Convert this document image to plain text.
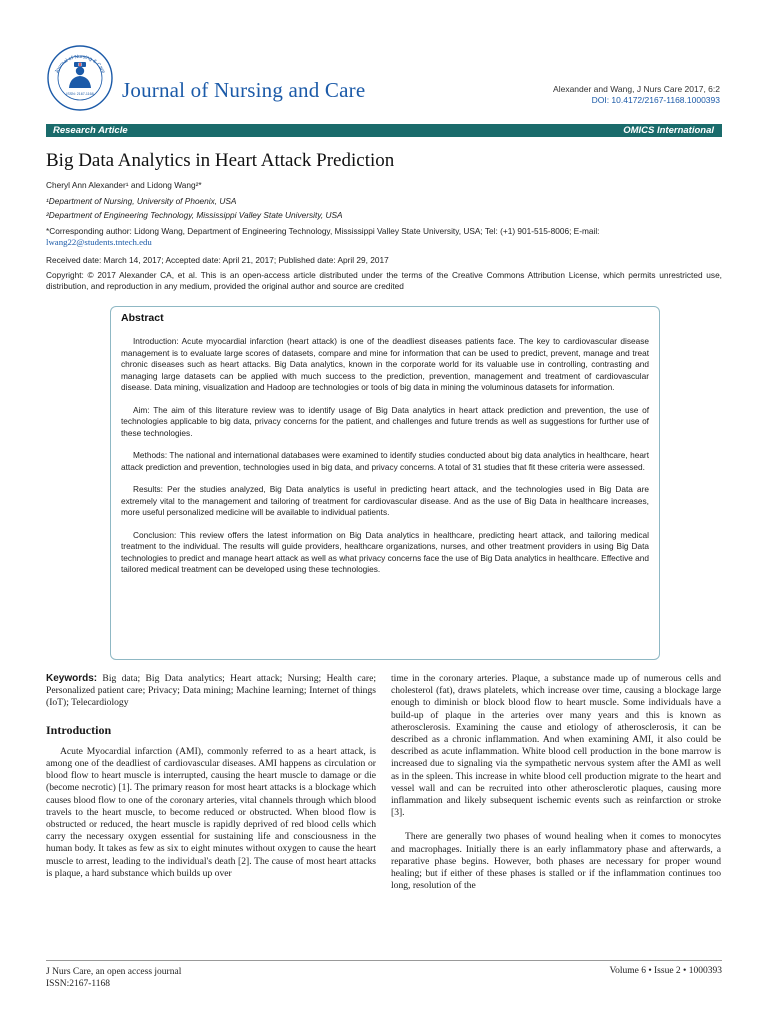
Journal of Nursing & Care
ISSN: 2167-1168 Journal of Nursing and Care	Alexander and Wang, J Nurs Care 2017, 6:2
DOI: 10.4172/2167-1168.1000393
Research Article	OMICS International
Big Data Analytics in Heart Attack Prediction
Cheryl Ann Alexander¹ and Lidong Wang²*
¹Department of Nursing, University of Phoenix, USA
²Department of Engineering Technology, Mississippi Valley State University, USA
*Corresponding author: Lidong Wang, Department of Engineering Technology, Mississippi Valley State University, USA; Tel: (+1) 901-515-8006; E-mail:
lwang22@students.tntech.edu
Received date: March 14, 2017; Accepted date: April 21, 2017; Published date: April 29, 2017
Copyright: © 2017 Alexander CA, et al. This is an open-access article distributed under the terms of the Creative Commons Attribution License, which permits unrestricted use, distribution, and reproduction in any medium, provided the original author and source are credited
Abstract

Introduction: Acute myocardial infarction (heart attack) is one of the deadliest diseases patients face. The key to cardiovascular disease management is to evaluate large scores of datasets, compare and mine for information that can be used to predict, prevent, manage and treat chronic diseases such as heart attacks. Big Data analytics, known in the corporate world for its valuable use in controlling, contrasting and managing large datasets can be applied with much success to the prediction, prevention, management and treatment of cardiovascular disease. Data mining, visualization and Hadoop are technologies or tools of big data in mining the voluminous datasets for information.

Aim: The aim of this literature review was to identify usage of Big Data analytics in heart attack prediction and prevention, the use of technologies applicable to big data, privacy concerns for the patient, and challenges and future trends as well as suggestions for further use of these technologies.

Methods: The national and international databases were examined to identify studies conducted about big data analytics in healthcare, heart attack prediction and prevention, technologies used in big data, and privacy concerns. A total of 31 studies that fit these criteria were assessed.

Results: Per the studies analyzed, Big Data analytics is useful in predicting heart attack, and the technologies used in Big Data are extremely vital to the management and tailoring of treatment for cardiovascular disease. And as the use of Big Data in healthcare increases, more useful personalized medicine will be available to individual patients.

Conclusion: This review offers the latest information on Big Data analytics in healthcare, predicting heart attack, and tailoring medical treatment to the individual. The results will guide providers, healthcare organizations, nurses, and other treatment providers in using Big Data technologies to predict and manage heart attack as well as what privacy concerns face the use of Big Data analytics in healthcare. Effective and tailored medical treatment can be developed using these technologies.

Keywords: Big data; Big Data analytics; Heart attack; Nursing; Health care; Personalized patient care; Privacy; Data mining; Machine learning; Internet of things (IoT); Telecardiology

Introduction

Acute Myocardial infarction (AMI), commonly referred to as a heart attack, is among one of the deadliest of cardiovascular diseases. AMI happens as circulation or blood flow to heart muscle is interrupted, causing the heart muscle to damage or die (become necrotic) [1]. The primary reason for most heart attacks is a blockage which causes blood flow to one of the coronary arteries, vital channels through which blood travels to the heart muscle, to become reduced or obstructed. When blood flow is obstructed or reduced, the heart muscle is rapidly deprived of red blood cells which carry the necessary oxygen essential for sustaining life and consciousness in the human body. It takes as few as six to eight minutes without oxygen to cause the heart muscle to arrest, leading to the individual's death [2]. The cause of most heart attacks is plaque, a hard substance which builds up over

time in the coronary arteries. Plaque, a substance made up of numerous cells and cholesterol (fat), draws platelets, which increase over time, causing a blockage large enough to diminish or block blood flow to heart muscle. Some individuals have a build-up of plaque in the arteries over many years and this is known as atherosclerosis. Examining the cause and etiology of atherosclerosis, it can be described as a chronic inflammation. And when examining AMI, it also could be described as acute inflammation. White blood cell production in the bone marrow is increased due to signaling via the sympathetic nervous system after the AMI as well as in the spleen. This increase in white blood cell production migrate to the heart and vessel wall and can be recruited into other atherosclerotic plaques, causing more inflammation and likely subsequent ischemic events such as reinfarction or stroke [3].

There are generally two phases of wound healing when it comes to monocytes and macrophages. Initially there is an early inflammatory phase and afterwards, a reparative phase begins. However, both phases are necessary for proper wound healing; but if either of these phases is stalled or if the inflammation continues too long, resolution of the

J Nurs Care, an open access journal
ISSN:2167-1168
Volume 6 • Issue 2 • 1000393
